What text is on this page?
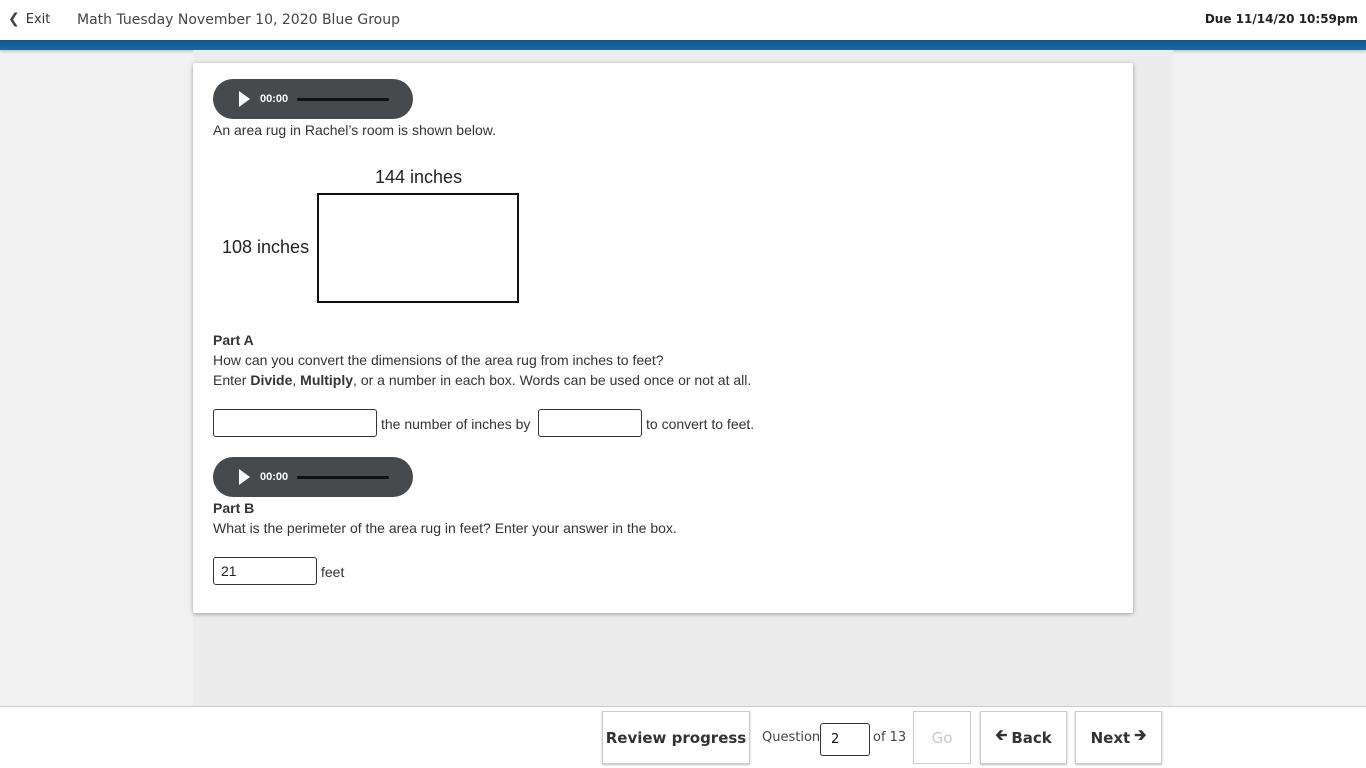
❮ Exit Math Tuesday November 10, 2020 Blue Group	Due 11/14/20 10:59pm
00:00
An area rug in Rachel’s room is shown below.
144 inches
108 inches
Part A
How can you convert the dimensions of the area rug from inches to feet?
Enter Divide, Multiply, or a number in each box. Words can be used once or not at all.
the number of inches by	to convert to feet.
00:00
Part B
What is the perimeter of the area rug in feet? Enter your answer in the box.
21
feet
Review progress Question
2	of 13	Go	🡰 Back	Next 🡲
